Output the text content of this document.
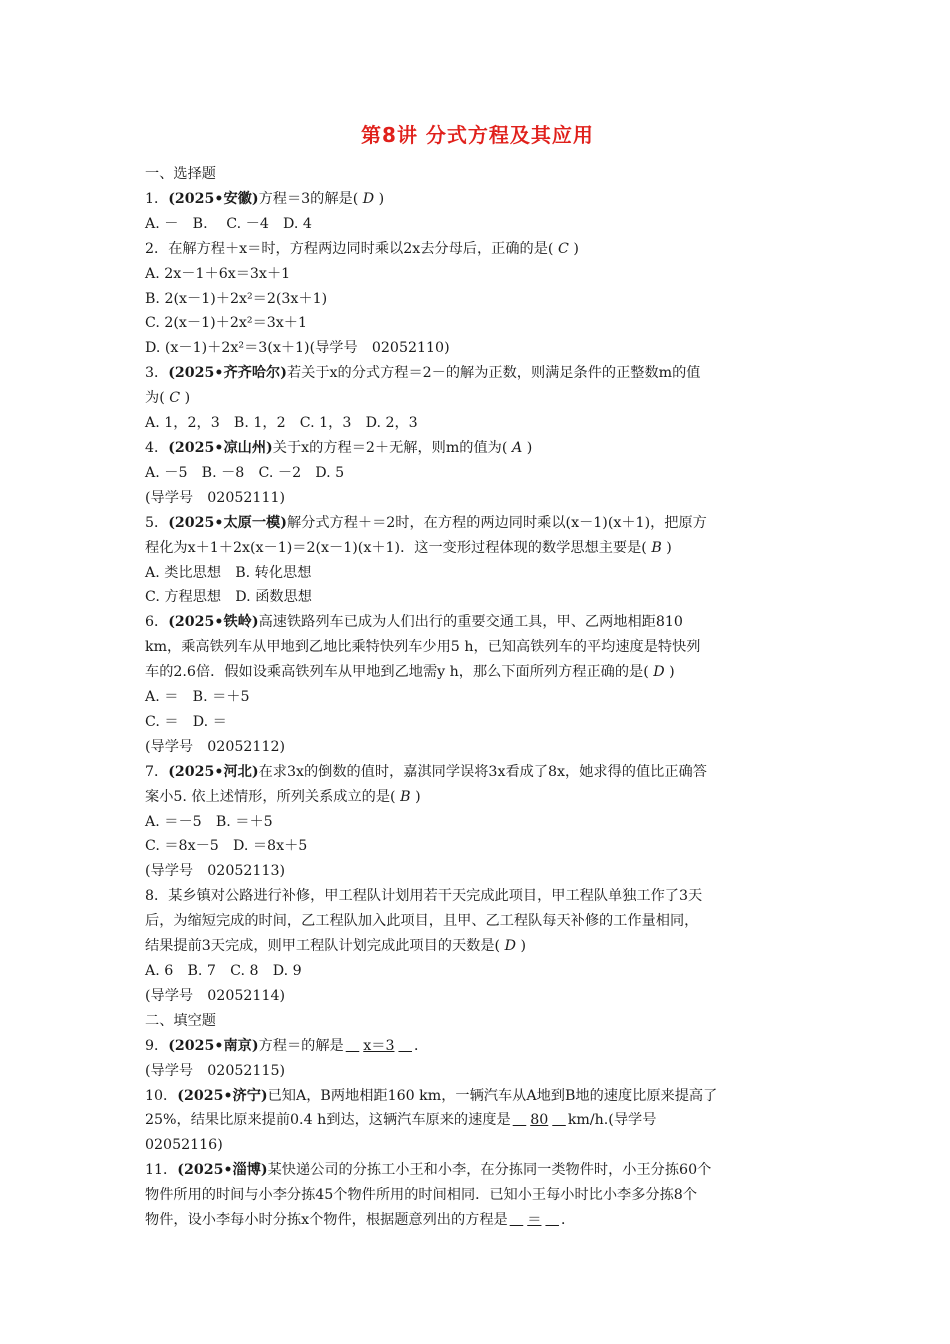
第8讲 分式方程及其应用
一、选择题
1．(2025•安徽)方程＝3的解是( D )
A. －　B. 　C. －4　D. 4
2．在解方程＋x＝时，方程两边同时乘以2x去分母后，正确的是( C )
A. 2x－1＋6x＝3x＋1
B. 2(x－1)＋2x²＝2(3x＋1)
C. 2(x－1)＋2x²＝3x＋1
D. (x－1)＋2x²＝3(x＋1)(导学号　02052110)
3．(2025•齐齐哈尔)若关于x的分式方程＝2－的解为正数，则满足条件的正整数m的值
为( C )
A. 1，2，3　B. 1，2　C. 1，3　D. 2，3
4．(2025•凉山州)关于x的方程＝2＋无解，则m的值为( A )
A. －5　B. －8　C. －2　D. 5
(导学号　02052111)
5．(2025•太原一模)解分式方程＋＝2时，在方程的两边同时乘以(x－1)(x＋1)，把原方
程化为x＋1＋2x(x－1)＝2(x－1)(x＋1)．这一变形过程体现的数学思想主要是( B )
A. 类比思想　B. 转化思想
C. 方程思想　D. 函数思想
6．(2025•铁岭)高速铁路列车已成为人们出行的重要交通工具，甲、乙两地相距810
km，乘高铁列车从甲地到乙地比乘特快列车少用5 h，已知高铁列车的平均速度是特快列
车的2.6倍．假如设乘高铁列车从甲地到乙地需y h，那么下面所列方程正确的是( D )
A. ＝　B. ＝＋5
C. ＝　D. ＝
(导学号　02052112)
7．(2025•河北)在求3x的倒数的值时，嘉淇同学误将3x看成了8x，她求得的值比正确答
案小5. 依上述情形，所列关系成立的是( B )
A. ＝－5　B. ＝＋5
C. ＝8x－5　D. ＝8x＋5
(导学号　02052113)
8．某乡镇对公路进行补修，甲工程队计划用若干天完成此项目，甲工程队单独工作了3天
后，为缩短完成的时间，乙工程队加入此项目，且甲、乙工程队每天补修的工作量相同，
结果提前3天完成，则甲工程队计划完成此项目的天数是( D )
A. 6　B. 7　C. 8　D. 9
(导学号　02052114)
二、填空题
9．(2025•南京)方程＝的解是 x＝3 ．
(导学号　02052115)
10．(2025•济宁)已知A，B两地相距160 km，一辆汽车从A地到B地的速度比原来提高了
25%，结果比原来提前0.4 h到达，这辆汽车原来的速度是 80 km/h.(导学号
02052116)
11．(2025•淄博)某快递公司的分拣工小王和小李，在分拣同一类物件时，小王分拣60个
物件所用的时间与小李分拣45个物件所用的时间相同．已知小王每小时比小李多分拣8个
物件，设小李每小时分拣x个物件，根据题意列出的方程是 ＝ ．
